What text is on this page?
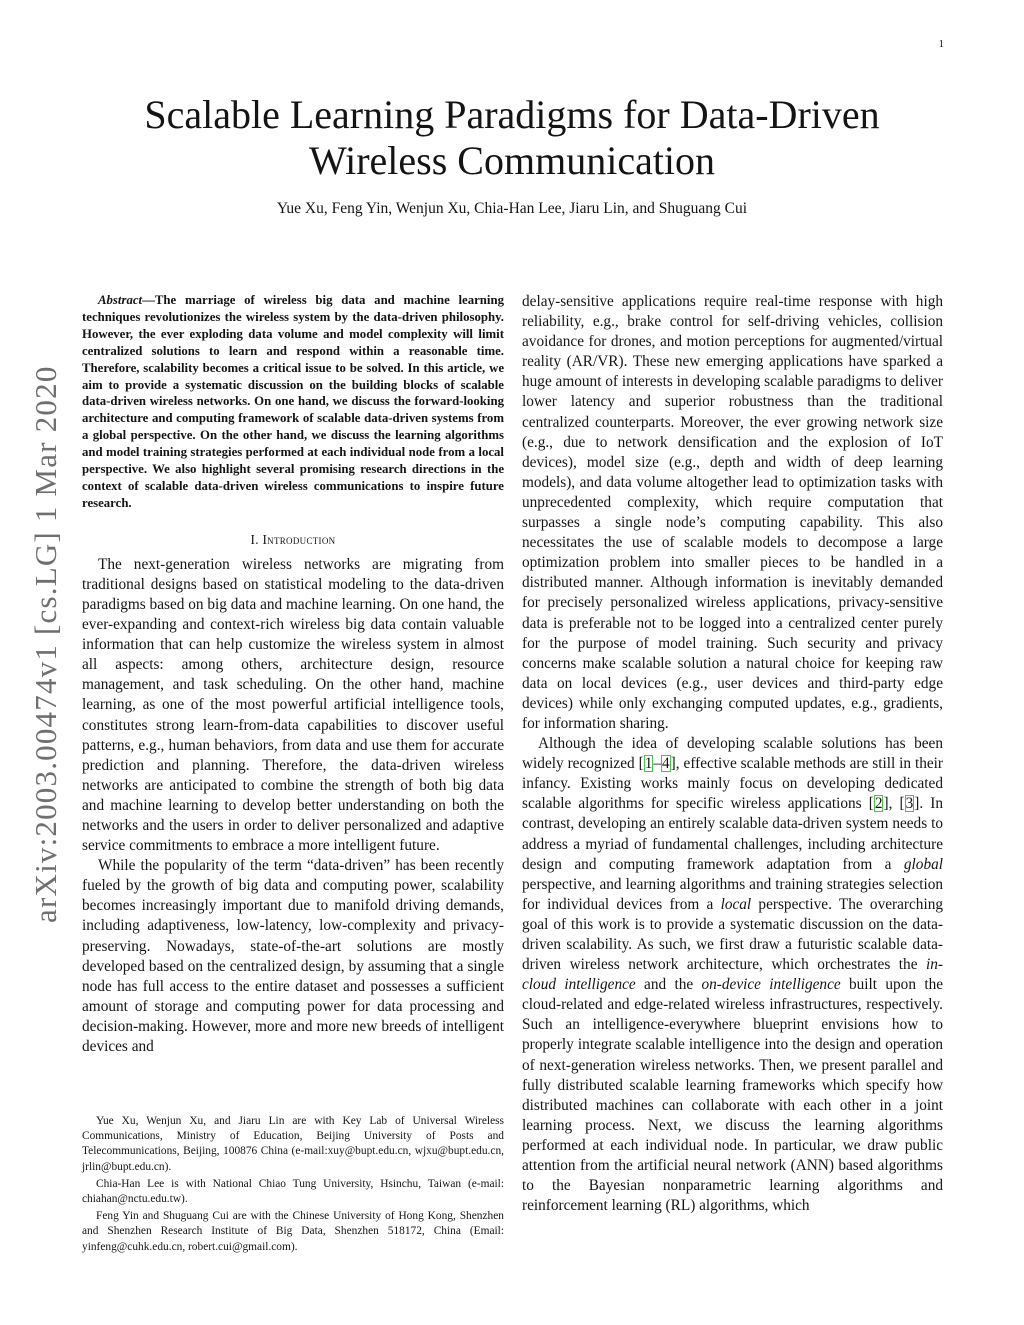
1
arXiv:2003.00474v1 [cs.LG] 1 Mar 2020
Scalable Learning Paradigms for Data-Driven
Wireless Communication
Yue Xu, Feng Yin, Wenjun Xu, Chia-Han Lee, Jiaru Lin, and Shuguang Cui

Abstract—The marriage of wireless big data and machine learning techniques revolutionizes the wireless system by the data-driven philosophy. However, the ever exploding data volume and model complexity will limit centralized solutions to learn and respond within a reasonable time. Therefore, scalability becomes a critical issue to be solved. In this article, we aim to provide a systematic discussion on the building blocks of scalable data-driven wireless networks. On one hand, we discuss the forward-looking architecture and computing framework of scalable data-driven systems from a global perspective. On the other hand, we discuss the learning algorithms and model training strategies performed at each individual node from a local perspective. We also highlight several promising research directions in the context of scalable data-driven wireless communications to inspire future research.

I. Introduction

The next-generation wireless networks are migrating from traditional designs based on statistical modeling to the data-driven paradigms based on big data and machine learning. On one hand, the ever-expanding and context-rich wireless big data contain valuable information that can help customize the wireless system in almost all aspects: among others, architecture design, resource management, and task scheduling. On the other hand, machine learning, as one of the most powerful artificial intelligence tools, constitutes strong learn-from-data capabilities to discover useful patterns, e.g., human behaviors, from data and use them for accurate prediction and planning. Therefore, the data-driven wireless networks are anticipated to combine the strength of both big data and machine learning to develop better understanding on both the networks and the users in order to deliver personalized and adaptive service commitments to embrace a more intelligent future.

While the popularity of the term “data-driven” has been recently fueled by the growth of big data and computing power, scalability becomes increasingly important due to manifold driving demands, including adaptiveness, low-latency, low-complexity and privacy-preserving. Nowadays, state-of-the-art solutions are mostly developed based on the centralized design, by assuming that a single node has full access to the entire dataset and possesses a sufficient amount of storage and computing power for data processing and decision-making. However, more and more new breeds of intelligent devices and

Yue Xu, Wenjun Xu, and Jiaru Lin are with Key Lab of Universal Wireless Communications, Ministry of Education, Beijing University of Posts and Telecommunications, Beijing, 100876 China (e-mail:xuy@bupt.edu.cn, wjxu@bupt.edu.cn, jrlin@bupt.edu.cn).

Chia-Han Lee is with National Chiao Tung University, Hsinchu, Taiwan (e-mail: chiahan@nctu.edu.tw).

Feng Yin and Shuguang Cui are with the Chinese University of Hong Kong, Shenzhen and Shenzhen Research Institute of Big Data, Shenzhen 518172, China (Email: yinfeng@cuhk.edu.cn, robert.cui@gmail.com).

delay-sensitive applications require real-time response with high reliability, e.g., brake control for self-driving vehicles, collision avoidance for drones, and motion perceptions for augmented/virtual reality (AR/VR). These new emerging applications have sparked a huge amount of interests in developing scalable paradigms to deliver lower latency and superior robustness than the traditional centralized counterparts. Moreover, the ever growing network size (e.g., due to network densification and the explosion of IoT devices), model size (e.g., depth and width of deep learning models), and data volume altogether lead to optimization tasks with unprecedented complexity, which require computation that surpasses a single node’s computing capability. This also necessitates the use of scalable models to decompose a large optimization problem into smaller pieces to be handled in a distributed manner. Although information is inevitably demanded for precisely personalized wireless applications, privacy-sensitive data is preferable not to be logged into a centralized center purely for the purpose of model training. Such security and privacy concerns make scalable solution a natural choice for keeping raw data on local devices (e.g., user devices and third-party edge devices) while only exchanging computed updates, e.g., gradients, for information sharing.

Although the idea of developing scalable solutions has been widely recognized [1–4], effective scalable methods are still in their infancy. Existing works mainly focus on developing dedicated scalable algorithms for specific wireless applications [2], [3]. In contrast, developing an entirely scalable data-driven system needs to address a myriad of fundamental challenges, including architecture design and computing framework adaptation from a global perspective, and learning algorithms and training strategies selection for individual devices from a local perspective. The overarching goal of this work is to provide a systematic discussion on the data-driven scalability. As such, we first draw a futuristic scalable data-driven wireless network architecture, which orchestrates the in-cloud intelligence and the on-device intelligence built upon the cloud-related and edge-related wireless infrastructures, respectively. Such an intelligence-everywhere blueprint envisions how to properly integrate scalable intelligence into the design and operation of next-generation wireless networks. Then, we present parallel and fully distributed scalable learning frameworks which specify how distributed machines can collaborate with each other in a joint learning process. Next, we discuss the learning algorithms performed at each individual node. In particular, we draw public attention from the artificial neural network (ANN) based algorithms to the Bayesian nonparametric learning algorithms and reinforcement learning (RL) algorithms, which
